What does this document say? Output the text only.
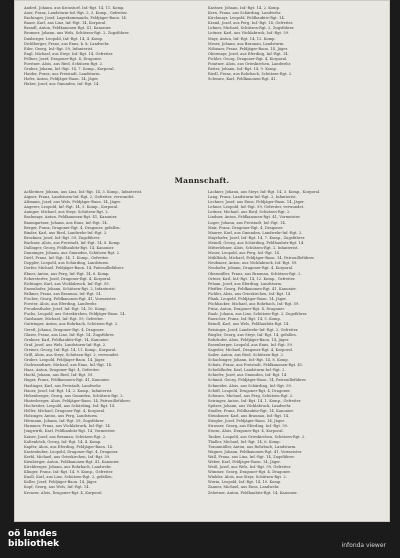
Anderl, Johann, aus Kronstorf, Inf.-Rgt. 14, 11. Komp.

Auer, Franz, Landsturm-Inf.-Rgt. 2, 3. Komp., Gefreiter.

Bachinger, Josef, Lagerkommando, Feldjäger-Baon. 14.

Bauer, Karl, aus Linz, Inf.-Rgt. 14, Korporal.

Brandl, Anton, Feldkanonen-Rgt. 41, Kanonier.

Brunner, Johann, aus Wels, Schützen-Rgt. 2, Zugsführer.

Daxberger, Leopold, Inf.-Rgt. 14, 4. Komp.

Dicklberger, Franz, aus Enns, k. k. Landwehr.

Eder, Georg, Inf.-Rgt. 59, Infanterist.

Engl, Michael, aus Steyr, Inf.-Rgt. 14, Gefreiter.

Fellner, Josef, Dragoner-Rgt. 4, Dragoner.

Forstner, Alois, aus Ried, Schützen-Rgt. 2.

Gruber, Johann, Inf.-Rgt. 14, 7. Komp., Korporal.

Haider, Franz, aus Freistadt, Landsturm.

Hofer, Anton, Feldjäger-Baon. 14, Jäger.

Huber, Josef, aus Gmunden, Inf.-Rgt. 14.

Kastner, Johann, Inf.-Rgt. 14, 2. Komp.

Kern, Franz, aus Schärding, Landwehr.

Kirchmayr, Leopold, Feldhaubitz-Rgt. 14.

Kraml, Josef, aus Perg, Inf.-Rgt. 14, Gefreiter.

Lehner, Michael, Schützen-Rgt. 2, Zugsführer.

Leitner, Karl, aus Vöcklabruck, Inf.-Rgt. 59.

Mayr, Anton, Inf.-Rgt. 14, 12. Komp.

Moser, Johann, aus Braunau, Landsturm.

Nöbauer, Franz, Feldjäger-Baon. 14, Jäger.

Obermayr, Josef, aus Eferding, Inf.-Rgt. 14.

Pichler, Georg, Dragoner-Rgt. 4, Korporal.

Pointner, Alois, aus Grieskirchen, Landwehr.

Reiter, Johann, Inf.-Rgt. 14, 9. Komp.

Riedl, Franz, aus Rohrbach, Schützen-Rgt. 2.

Schwarz, Karl, Feldkanonen-Rgt. 41.

Mannschaft.

Achleitner, Johann, aus Linz, Inf.-Rgt. 14, 3. Komp., Infanterist.

Aigner, Franz, Landsturm-Inf.-Rgt. 2, Gefreiter, verwundet.

Altmann, Josef, aus Wels, Feldjäger-Baon. 14, Jäger.

Angerer, Leopold, Inf.-Rgt. 14, 5. Komp., Korporal.

Auinger, Michael, aus Steyr, Schützen-Rgt. 2.

Bachmayr, Anton, Feldkanonen-Rgt. 41, Kanonier.

Baumgartner, Johann, aus Enns, Inf.-Rgt. 14.

Berger, Franz, Dragoner-Rgt. 4, Dragoner, gefallen.

Binder, Karl, aus Ried, Landwehr-Inf.-Rgt. 2.

Bruckner, Josef, Inf.-Rgt. 59, Zugsführer.

Buchner, Alois, aus Freistadt, Inf.-Rgt. 14, 8. Komp.

Dallinger, Georg, Feldhaubitz-Rgt. 14, Kanonier.

Danninger, Johann, aus Gmunden, Schützen-Rgt. 2.

Dietl, Franz, Inf.-Rgt. 14, 1. Komp., Gefreiter.

Doppler, Leopold, aus Schärding, Landsturm.

Dorfer, Michael, Feldjäger-Baon. 14, Patrouilleführer.

Ebner, Anton, aus Perg, Inf.-Rgt. 14, 6. Komp.

Eckerstorfer, Josef, Dragoner-Rgt. 4, Korporal.

Eichinger, Karl, aus Vöcklabruck, Inf.-Rgt. 59.

Enzenhofer, Johann, Schützen-Rgt. 2, Infanterist.

Falkner, Franz, aus Braunau, Inf.-Rgt. 14.

Fischer, Georg, Feldkanonen-Rgt. 41, Vormeister.

Forster, Alois, aus Eferding, Landwehr.

Freudenthaler, Josef, Inf.-Rgt. 14, 10. Komp.

Fuchs, Leopold, aus Grieskirchen, Feldjäger-Baon. 14.

Gaisbauer, Michael, Inf.-Rgt. 59, Gefreiter.

Gattringer, Anton, aus Rohrbach, Schützen-Rgt. 2.

Gerstl, Johann, Dragoner-Rgt. 4, Dragoner.

Glaser, Franz, aus Linz, Inf.-Rgt. 14, Zugsführer.

Grabner, Karl, Feldhaubitz-Rgt. 14, Kanonier.

Graf, Josef, aus Wels, Landsturm-Inf.-Rgt. 2.

Greiner, Georg, Inf.-Rgt. 14, 11. Komp., Korporal.

Grill, Alois, aus Steyr, Schützen-Rgt. 2, verwundet.

Gruber, Leopold, Feldjäger-Baon. 14, Jäger.

Gschwandtner, Michael, aus Enns, Inf.-Rgt. 14.

Haas, Anton, Dragoner-Rgt. 4, Gefreiter.

Hackl, Johann, aus Ried, Inf.-Rgt. 59.

Hager, Franz, Feldkanonen-Rgt. 41, Kanonier.

Haslinger, Karl, aus Freistadt, Landwehr.

Hauer, Josef, Inf.-Rgt. 14, 2. Komp., Infanterist.

Hehenberger, Georg, aus Gmunden, Schützen-Rgt. 2.

Hinterberger, Alois, Feldjäger-Baon. 14, Patrouilleführer.

Hochreiter, Leopold, aus Schärding, Inf.-Rgt. 14.

Höller, Michael, Dragoner-Rgt. 4, Korporal.

Holzinger, Anton, aus Perg, Landsturm.

Hörmann, Johann, Inf.-Rgt. 59, Zugsführer.

Hummer, Franz, aus Vöcklabruck, Inf.-Rgt. 14.

Jungwirth, Karl, Feldhaubitz-Rgt. 14, Vormeister.

Kaiser, Josef, aus Braunau, Schützen-Rgt. 2.

Kaltenböck, Georg, Inf.-Rgt. 14, 4. Komp.

Kapfer, Alois, aus Eferding, Feldjäger-Baon. 14.

Kastenhuber, Leopold, Dragoner-Rgt. 4, Dragoner.

Kerbl, Michael, aus Grieskirchen, Inf.-Rgt. 59.

Kienberger, Anton, Feldkanonen-Rgt. 41, Kanonier.

Kirchberger, Johann, aus Rohrbach, Landwehr.

Klinger, Franz, Inf.-Rgt. 14, 9. Komp., Gefreiter.

Knoll, Karl, aus Linz, Schützen-Rgt. 2, gefallen.

Koller, Josef, Feldjäger-Baon. 14, Jäger.

Kopf, Georg, aus Wels, Inf.-Rgt. 14.

Kreuzer, Alois, Dragoner-Rgt. 4, Korporal.

Lackner, Johann, aus Steyr, Inf.-Rgt. 14, 3. Komp., Korporal.

Lang, Franz, Landsturm-Inf.-Rgt. 2, Infanterist.

Lechner, Josef, aus Enns, Feldjäger-Baon. 14, Jäger.

Lehner, Leopold, Inf.-Rgt. 59, Gefreiter, verwundet.

Leitner, Michael, aus Ried, Schützen-Rgt. 2.

Lindner, Anton, Feldkanonen-Rgt. 41, Vormeister.

Luger, Johann, aus Freistadt, Inf.-Rgt. 14.

Mair, Franz, Dragoner-Rgt. 4, Dragoner.

Maurer, Karl, aus Gmunden, Landwehr-Inf.-Rgt. 2.

Mayrhofer, Josef, Inf.-Rgt. 14, 7. Komp., Zugsführer.

Meindl, Georg, aus Schärding, Feldhaubitz-Rgt. 14.

Mitterlehner, Alois, Schützen-Rgt. 2, Infanterist.

Moser, Leopold, aus Perg, Inf.-Rgt. 14.

Mühlböck, Michael, Feldjäger-Baon. 14, Patrouilleführer.

Neubauer, Anton, aus Vöcklabruck, Inf.-Rgt. 59.

Neuhofer, Johann, Dragoner-Rgt. 4, Korporal.

Obermüller, Franz, aus Braunau, Schützen-Rgt. 2.

Ortner, Karl, Inf.-Rgt. 14, 12. Komp., Gefreiter.

Peham, Josef, aus Eferding, Landsturm.

Pfeiffer, Georg, Feldkanonen-Rgt. 41, Kanonier.

Pichler, Alois, aus Grieskirchen, Inf.-Rgt. 14.

Plank, Leopold, Feldjäger-Baon. 14, Jäger.

Pöchhacker, Michael, aus Rohrbach, Inf.-Rgt. 59.

Prinz, Anton, Dragoner-Rgt. 4, Dragoner.

Raab, Johann, aus Linz, Schützen-Rgt. 2, Zugsführer.

Rauscher, Franz, Inf.-Rgt. 14, 5. Komp.

Reindl, Karl, aus Wels, Feldhaubitz-Rgt. 14.

Reisinger, Josef, Landwehr-Inf.-Rgt. 2, Gefreiter.

Riegler, Georg, aus Steyr, Inf.-Rgt. 14, gefallen.

Rohrhofer, Alois, Feldjäger-Baon. 14, Jäger.

Rosenberger, Leopold, aus Enns, Inf.-Rgt. 59.

Sageder, Michael, Dragoner-Rgt. 4, Korporal.

Sailer, Anton, aus Ried, Schützen-Rgt. 2.

Schachinger, Johann, Inf.-Rgt. 14, 8. Komp.

Schatz, Franz, aus Freistadt, Feldkanonen-Rgt. 41.

Scheiblhofer, Karl, Landsturm-Inf.-Rgt. 2.

Schiefer, Josef, aus Gmunden, Inf.-Rgt. 14.

Schmid, Georg, Feldjäger-Baon. 14, Patrouilleführer.

Schneider, Alois, aus Schärding, Inf.-Rgt. 59.

Schöfl, Leopold, Dragoner-Rgt. 4, Dragoner.

Schwarz, Michael, aus Perg, Schützen-Rgt. 2.

Seiringer, Anton, Inf.-Rgt. 14, 1. Komp., Gefreiter.

Spitzer, Johann, aus Vöcklabruck, Landwehr.

Stadler, Franz, Feldhaubitz-Rgt. 14, Kanonier.

Steinbauer, Karl, aus Braunau, Inf.-Rgt. 14.

Stiegler, Josef, Feldjäger-Baon. 14, Jäger.

Strasser, Georg, aus Eferding, Inf.-Rgt. 59.

Sturm, Alois, Dragoner-Rgt. 4, Korporal.

Tauber, Leopold, aus Grieskirchen, Schützen-Rgt. 2.

Thaller, Michael, Inf.-Rgt. 14, 6. Komp.

Traunmüller, Anton, aus Rohrbach, Landsturm.

Wagner, Johann, Feldkanonen-Rgt. 41, Vormeister.

Wall, Franz, aus Linz, Inf.-Rgt. 14, Zugsführer.

Weber, Karl, Feldjäger-Baon. 14, Jäger.

Weiß, Josef, aus Wels, Inf.-Rgt. 59, Gefreiter.

Wimmer, Georg, Dragoner-Rgt. 4, Dragoner.

Winkler, Alois, aus Steyr, Schützen-Rgt. 2.

Wurm, Leopold, Inf.-Rgt. 14, 10. Komp.

Zauner, Michael, aus Enns, Landwehr.

Zehetner, Anton, Feldhaubitz-Rgt. 14, Kanonier.

oö landes
bibliothek	infonda viewer
